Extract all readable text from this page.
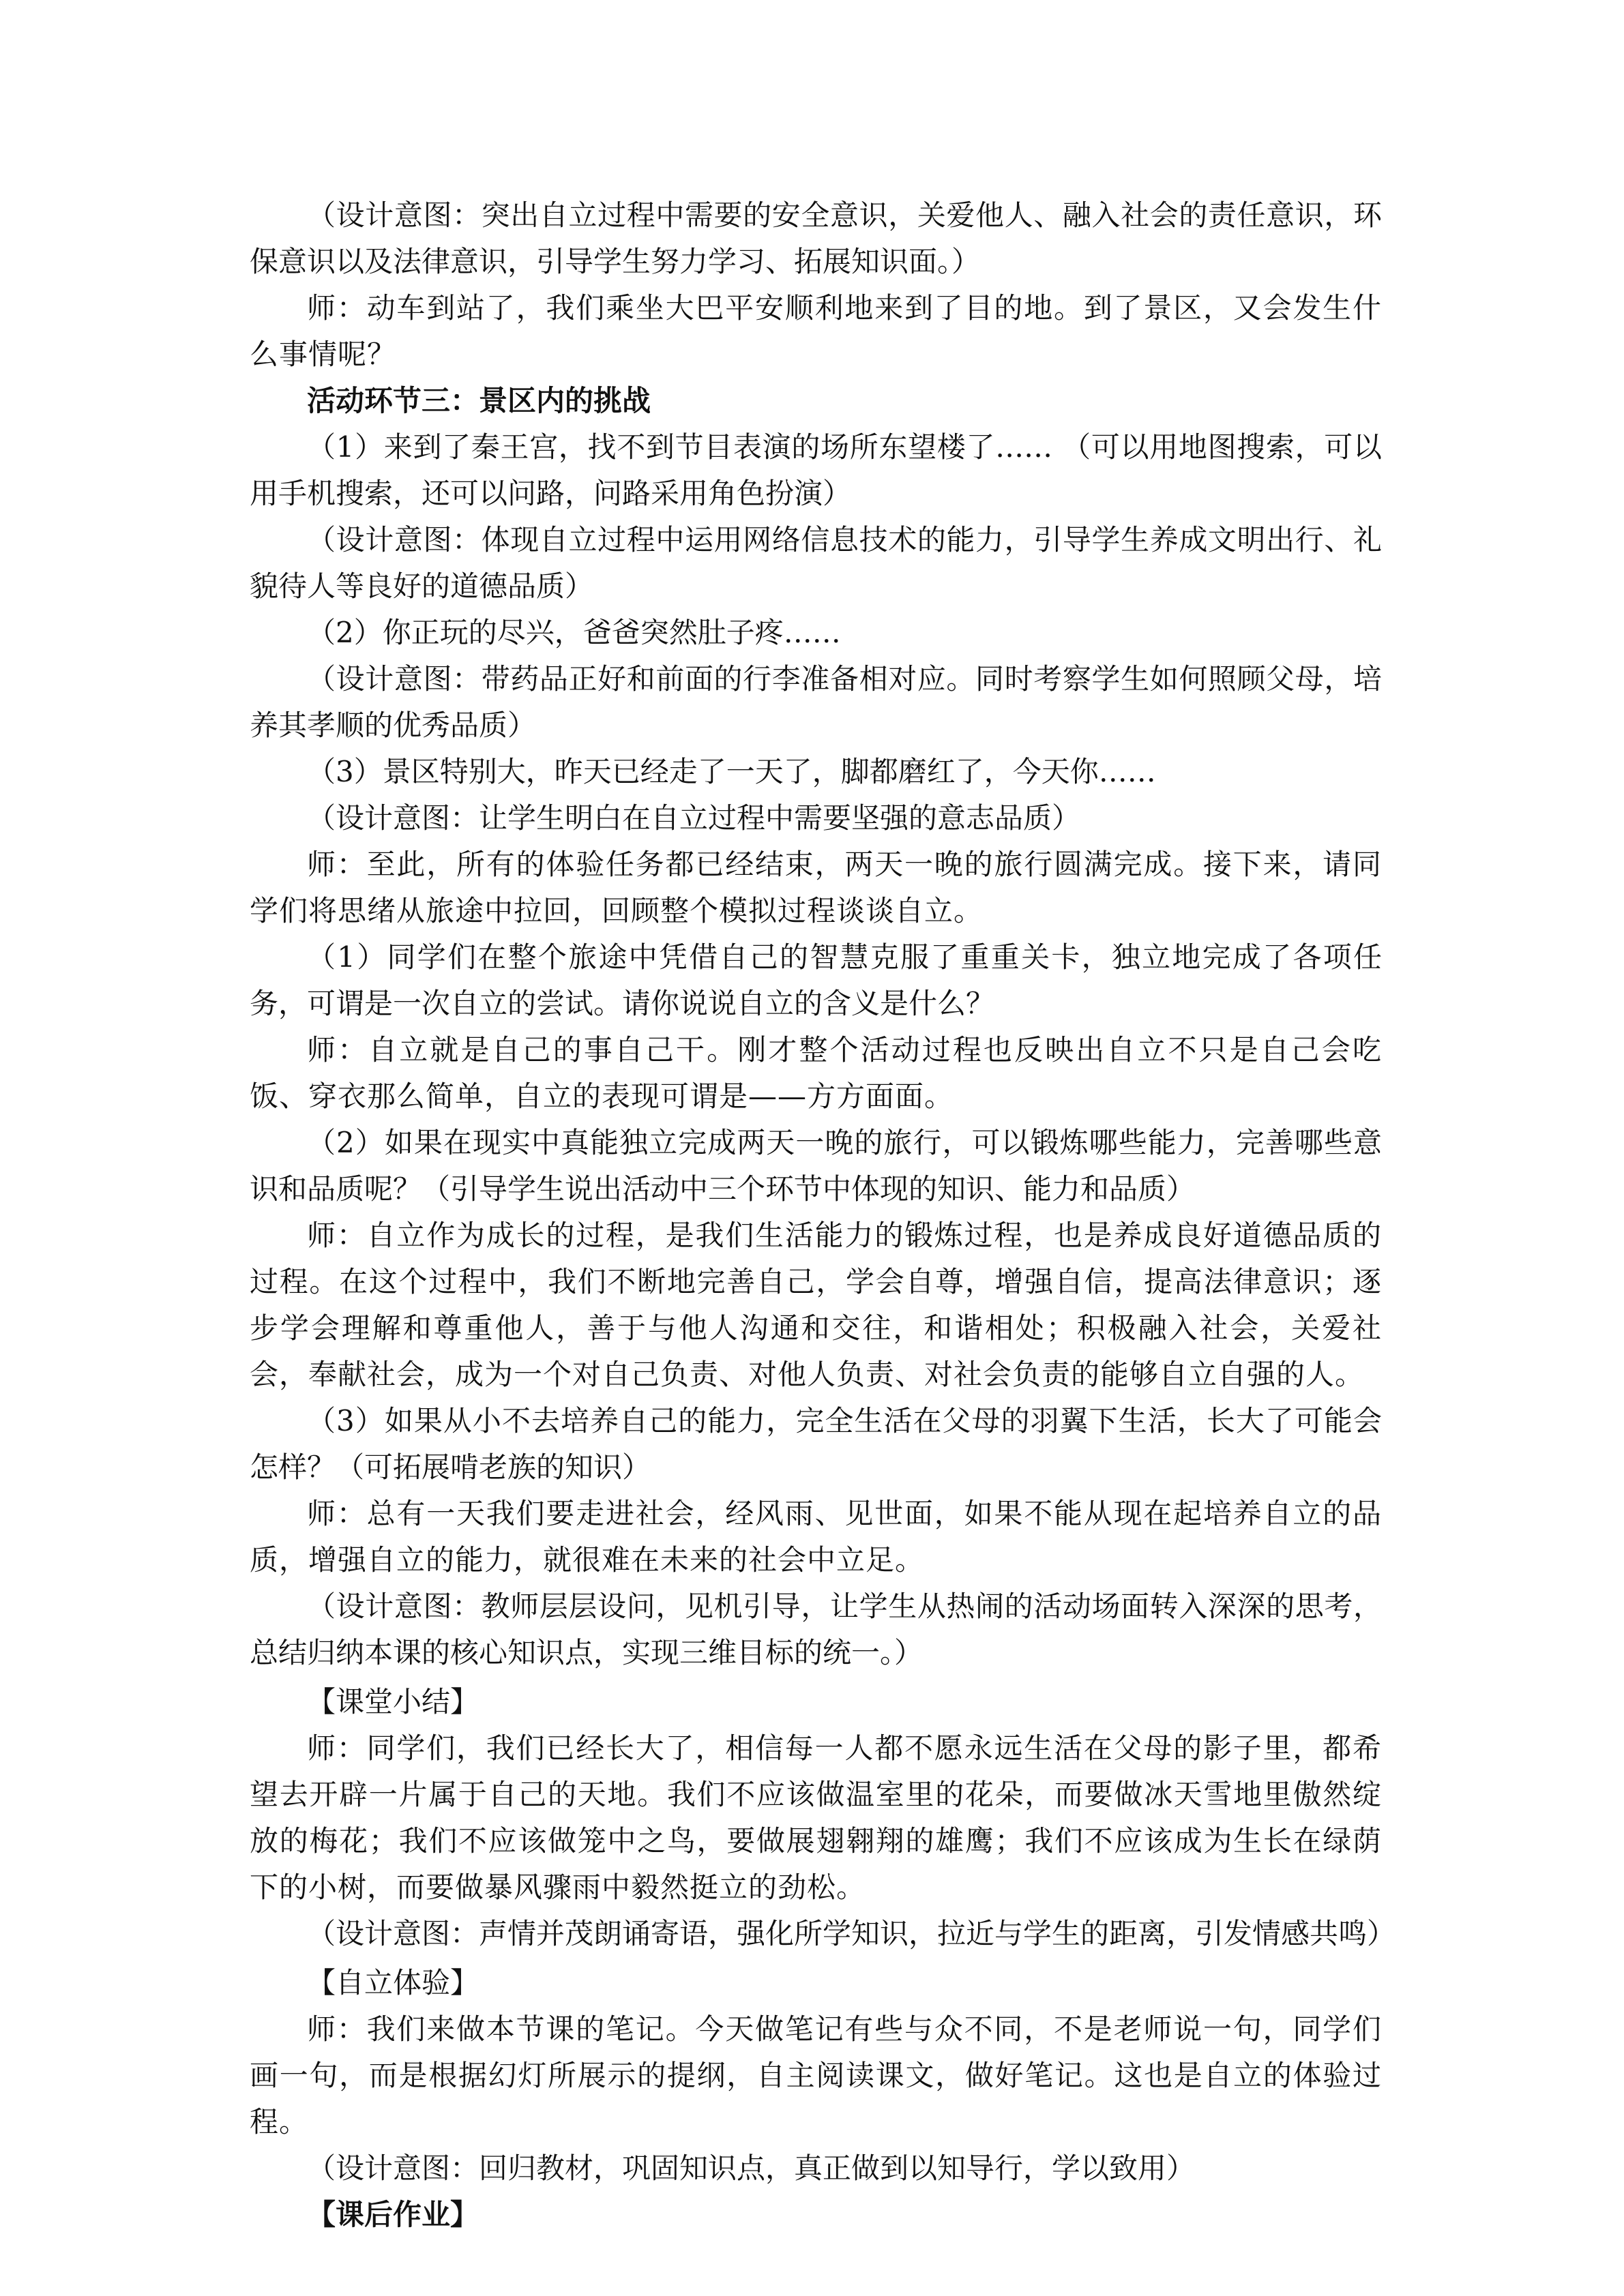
（设计意图：突出自立过程中需要的安全意识，关爱他人、融入社会的责任意识，环保意识以及法律意识，引导学生努力学习、拓展知识面。）

师：动车到站了，我们乘坐大巴平安顺利地来到了目的地。到了景区，又会发生什么事情呢？

活动环节三：景区内的挑战

（1）来到了秦王宫，找不到节目表演的场所东望楼了…… （可以用地图搜索，可以用手机搜索，还可以问路，问路采用角色扮演）

（设计意图：体现自立过程中运用网络信息技术的能力，引导学生养成文明出行、礼貌待人等良好的道德品质）

（2）你正玩的尽兴，爸爸突然肚子疼……

（设计意图：带药品正好和前面的行李准备相对应。同时考察学生如何照顾父母，培养其孝顺的优秀品质）

（3）景区特别大，昨天已经走了一天了，脚都磨红了，今天你……

（设计意图：让学生明白在自立过程中需要坚强的意志品质）

师：至此，所有的体验任务都已经结束，两天一晚的旅行圆满完成。接下来，请同学们将思绪从旅途中拉回，回顾整个模拟过程谈谈自立。

（1）同学们在整个旅途中凭借自己的智慧克服了重重关卡，独立地完成了各项任务，可谓是一次自立的尝试。请你说说自立的含义是什么？

师：自立就是自己的事自己干。刚才整个活动过程也反映出自立不只是自己会吃饭、穿衣那么简单，自立的表现可谓是——方方面面。

（2）如果在现实中真能独立完成两天一晚的旅行，可以锻炼哪些能力，完善哪些意识和品质呢？（引导学生说出活动中三个环节中体现的知识、能力和品质）

师：自立作为成长的过程，是我们生活能力的锻炼过程，也是养成良好道德品质的过程。在这个过程中，我们不断地完善自己，学会自尊，增强自信，提高法律意识；逐步学会理解和尊重他人，善于与他人沟通和交往，和谐相处；积极融入社会，关爱社会，奉献社会，成为一个对自己负责、对他人负责、对社会负责的能够自立自强的人。

（3）如果从小不去培养自己的能力，完全生活在父母的羽翼下生活，长大了可能会怎样？（可拓展啃老族的知识）

师：总有一天我们要走进社会，经风雨、见世面，如果不能从现在起培养自立的品质，增强自立的能力，就很难在未来的社会中立足。

（设计意图：教师层层设问，见机引导，让学生从热闹的活动场面转入深深的思考，总结归纳本课的核心知识点，实现三维目标的统一。）

【课堂小结】

师：同学们，我们已经长大了，相信每一人都不愿永远生活在父母的影子里，都希望去开辟一片属于自己的天地。我们不应该做温室里的花朵，而要做冰天雪地里傲然绽放的梅花；我们不应该做笼中之鸟，要做展翅翱翔的雄鹰；我们不应该成为生长在绿荫下的小树，而要做暴风骤雨中毅然挺立的劲松。

（设计意图：声情并茂朗诵寄语，强化所学知识，拉近与学生的距离，引发情感共鸣）

【自立体验】

师：我们来做本节课的笔记。今天做笔记有些与众不同，不是老师说一句，同学们画一句，而是根据幻灯所展示的提纲，自主阅读课文，做好笔记。这也是自立的体验过程。

（设计意图：回归教材，巩固知识点，真正做到以知导行，学以致用）

【课后作业】
